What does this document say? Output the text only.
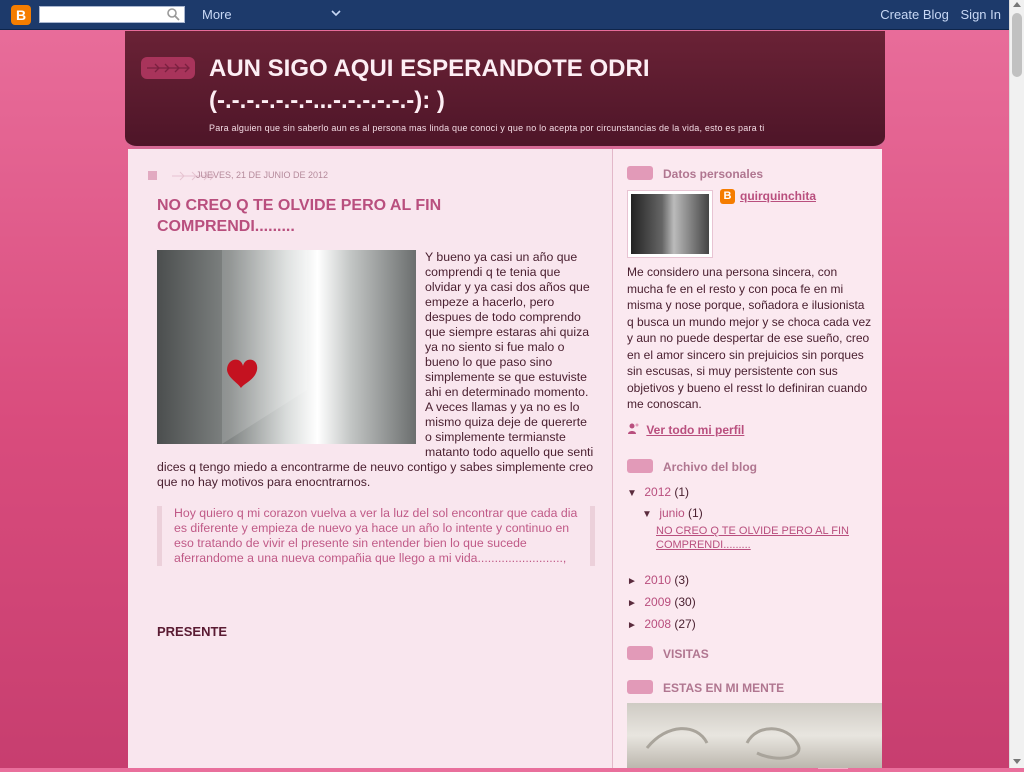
B	More	Create Blog Sign In
AUN SIGO AQUI ESPERANDOTE ODRI (-.-.-.-.-.-.-...-.-.-.-.-.-): )
Para alguien que sin saberlo aun es al persona mas linda que conoci y que no lo acepta por circunstancias de la vida, esto es para ti
JUEVES, 21 DE JUNIO DE 2012
NO CREO Q TE OLVIDE PERO AL FIN COMPRENDI.........
Y bueno ya casi un año que comprendi q te tenia que olvidar y ya casi dos años que empeze a hacerlo, pero despues de todo comprendo que siempre estaras ahi quiza ya no siento si fue malo o bueno lo que paso sino simplemente se que estuviste ahi en determinado momento.
A veces llamas y ya no es lo mismo quiza deje de quererte o simplemente termianste matanto todo aquello que senti dices q tengo miedo a encontrarme de neuvo contigo y sabes simplemente creo que no hay motivos para enocntrarnos.
Hoy quiero q mi corazon vuelva a ver la luz del sol encontrar que cada dia es diferente y empieza de nuevo ya hace un año lo intente y continuo en eso tratando de vivir el presente sin entender bien lo que sucede aferrandome a una nueva compañia que llego a mi vida.........................,
PRESENTE
Datos personales
B quirquinchita
Me considero una persona sincera, con mucha fe en el resto y con poca fe en mi misma y nose porque, soñadora e ilusionista q busca un mundo mejor y se choca cada vez y aun no puede despertar de ese sueño, creo en el amor sincero sin prejuicios sin porques sin escusas, si muy persistente con sus objetivos y bueno el resst lo definiran cuando me conoscan.
Ver todo mi perfil
Archivo del blog
▼ 2012 (1)
▼ junio (1)
NO CREO Q TE OLVIDE PERO AL FIN COMPRENDI.........
► 2010 (3)
► 2009 (30)
► 2008 (27)
VISITAS
ESTAS EN MI MENTE
